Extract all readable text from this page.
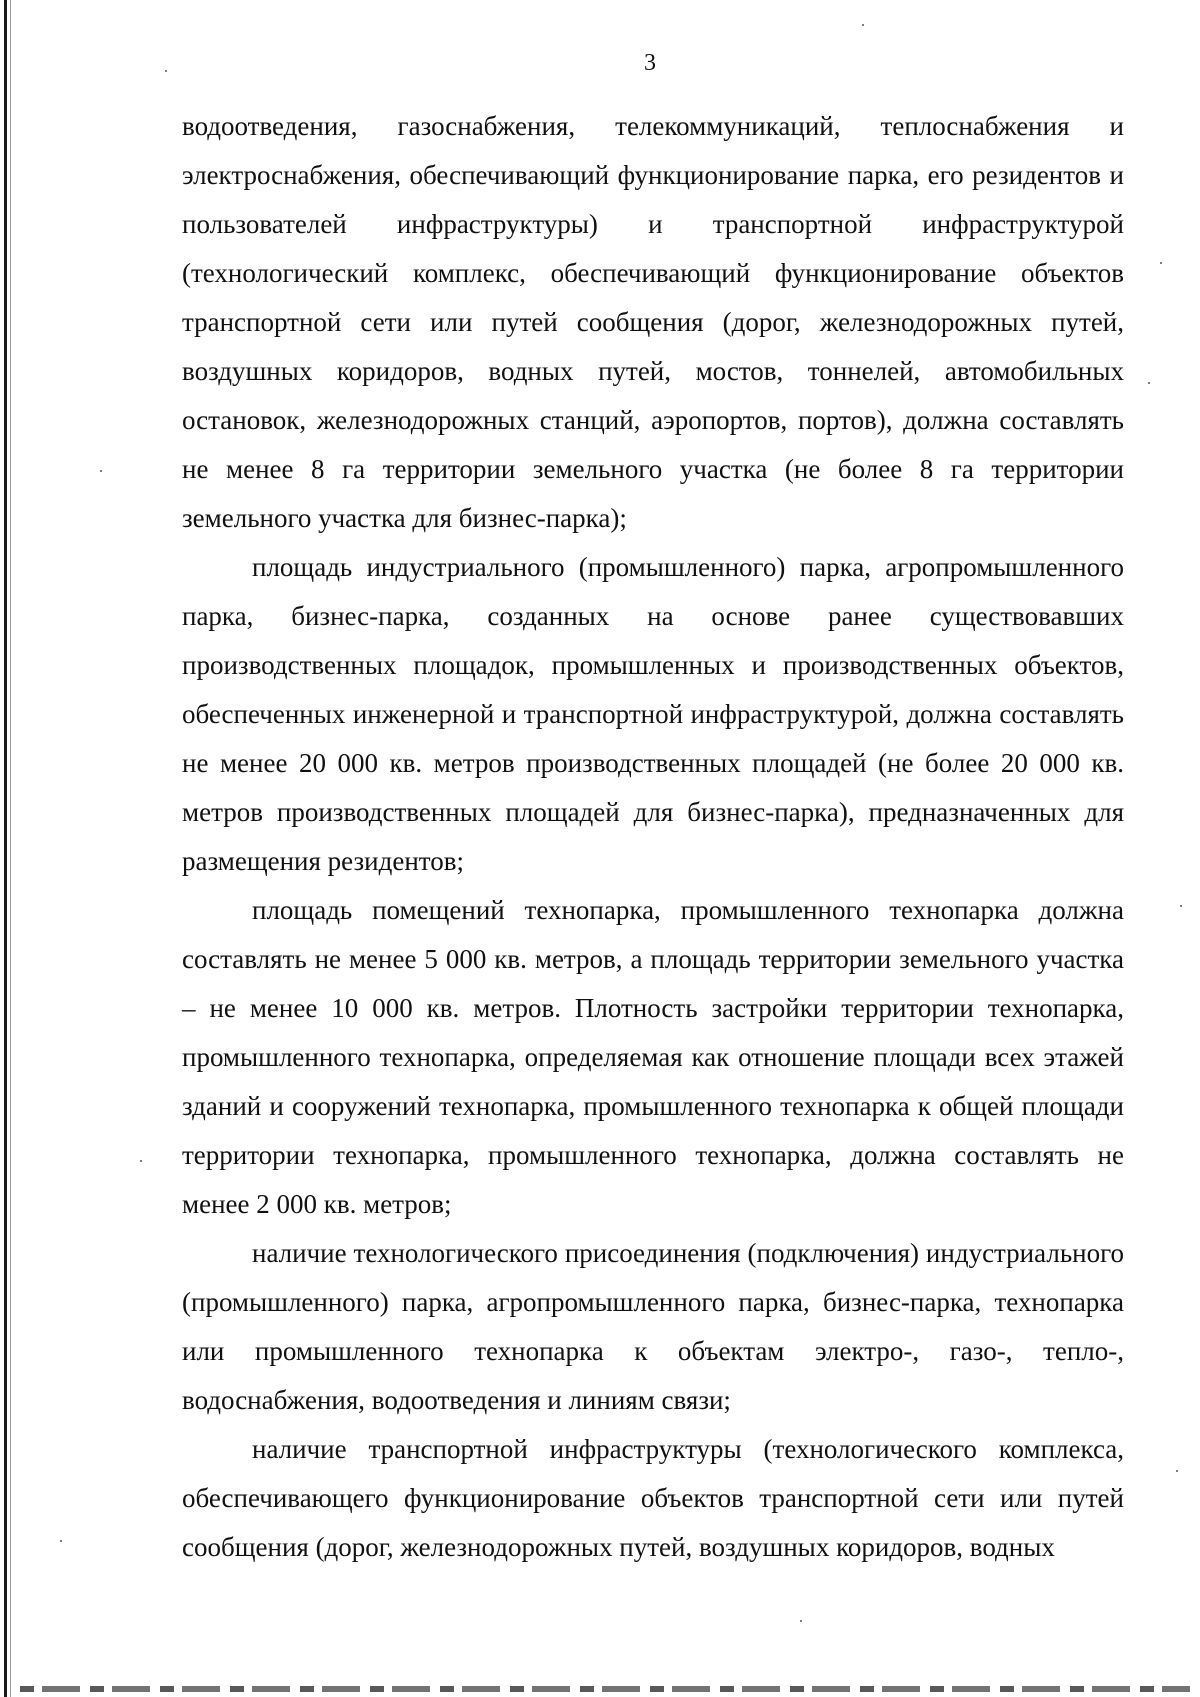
3

водоотведения, газоснабжения, телекоммуникаций, теплоснабжения и электроснабжения, обеспечивающий функционирование парка, его резидентов и пользователей инфраструктуры) и транспортной инфраструктурой (технологический комплекс, обеспечивающий функционирование объектов транспортной сети или путей сообщения (дорог, железнодорожных путей, воздушных коридоров, водных путей, мостов, тоннелей, автомобильных остановок, железнодорожных станций, аэропортов, портов), должна составлять не менее 8 га территории земельного участка (не более 8 га территории земельного участка для бизнес-парка);

площадь индустриального (промышленного) парка, агропромышленного парка, бизнес-парка, созданных на основе ранее существовавших производственных площадок, промышленных и производственных объектов, обеспеченных инженерной и транспортной инфраструктурой, должна составлять не менее 20 000 кв. метров производственных площадей (не более 20 000 кв. метров производственных площадей для бизнес-парка), предназначенных для размещения резидентов;

площадь помещений технопарка, промышленного технопарка должна составлять не менее 5 000 кв. метров, а площадь территории земельного участка – не менее 10 000 кв. метров. Плотность застройки территории технопарка, промышленного технопарка, определяемая как отношение площади всех этажей зданий и сооружений технопарка, промышленного технопарка к общей площади территории технопарка, промышленного технопарка, должна составлять не менее 2 000 кв. метров;

наличие технологического присоединения (подключения) индустриального (промышленного) парка, агропромышленного парка, бизнес-парка, технопарка или промышленного технопарка к объектам электро-, газо-, тепло-, водоснабжения, водоотведения и линиям связи;

наличие транспортной инфраструктуры (технологического комплекса, обеспечивающего функционирование объектов транспортной сети или путей сообщения (дорог, железнодорожных путей, воздушных коридоров, водных
